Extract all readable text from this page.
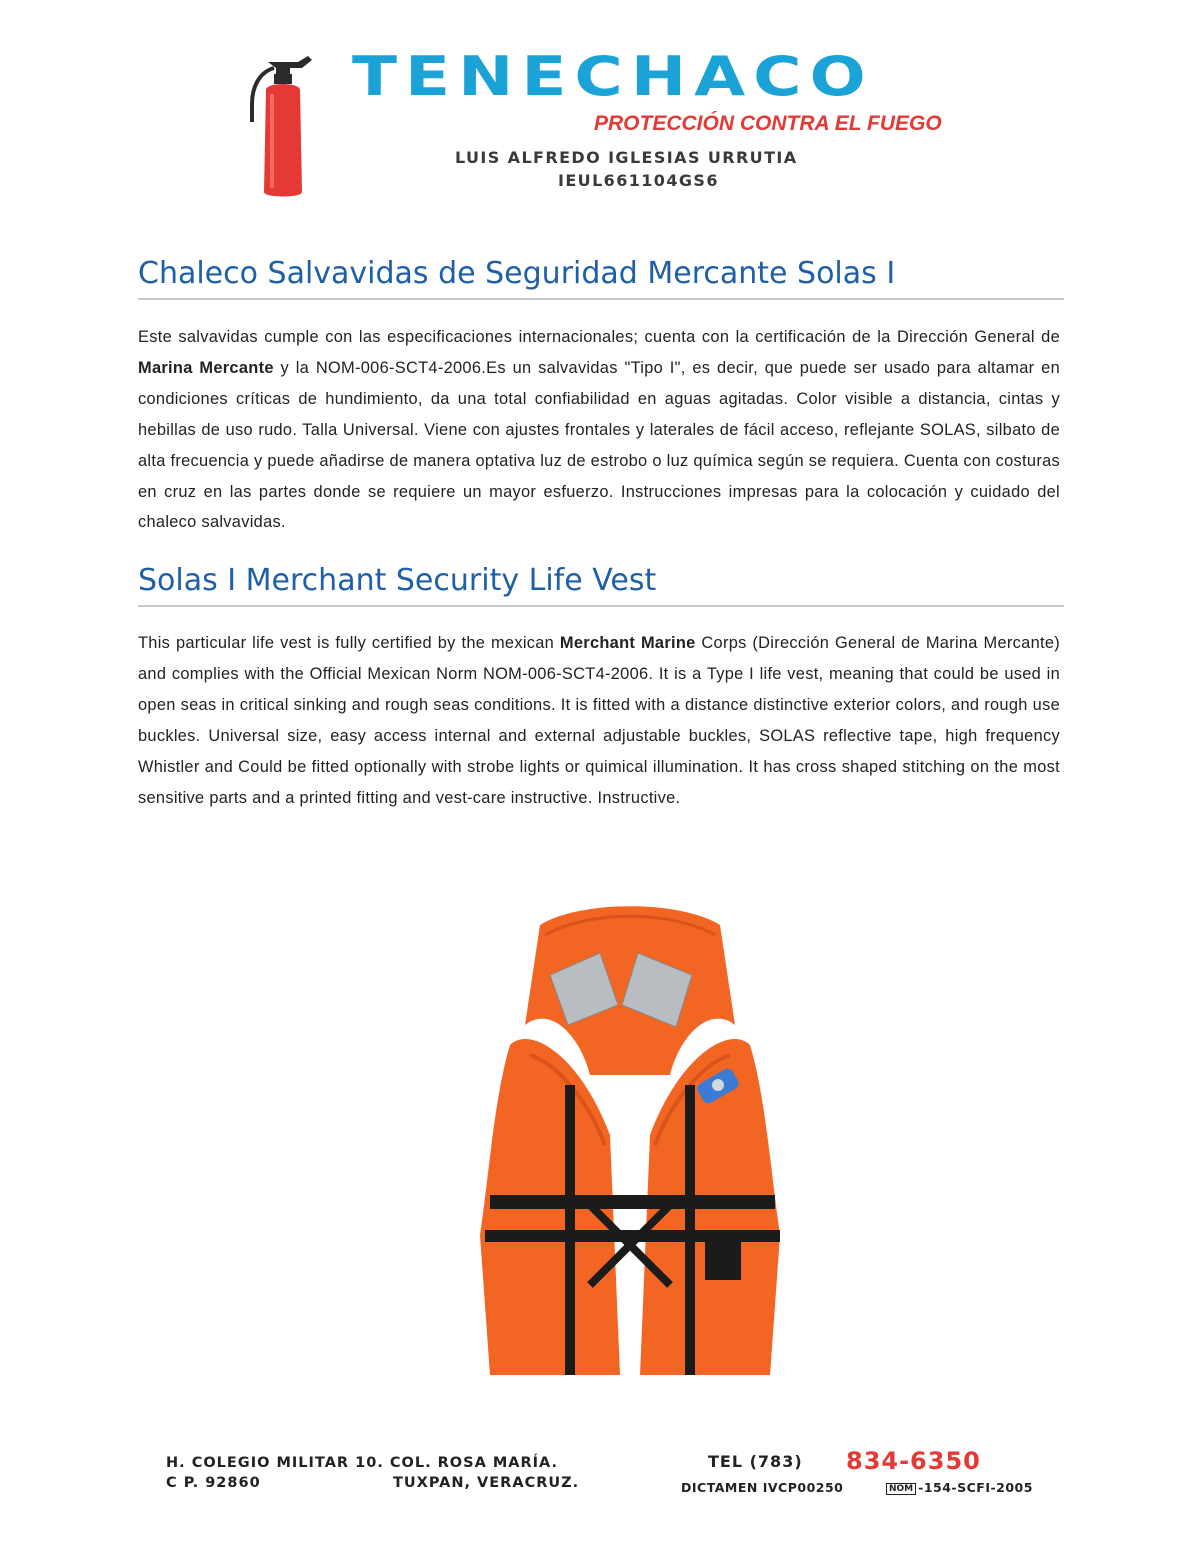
TENECHACO
PROTECCIÓN CONTRA EL FUEGO
LUIS ALFREDO IGLESIAS URRUTIA
IEUL661104GS6
Chaleco Salvavidas de Seguridad Mercante Solas I
Este salvavidas cumple con las especificaciones internacionales; cuenta con la certificación de la Dirección General de Marina Mercante y la NOM-006-SCT4-2006.Es un salvavidas "Tipo I", es decir, que puede ser usado para altamar en condiciones críticas de hundimiento, da una total confiabilidad en aguas agitadas. Color visible a distancia, cintas y hebillas de uso rudo. Talla Universal. Viene con ajustes frontales y laterales de fácil acceso, reflejante SOLAS, silbato de alta frecuencia y puede añadirse de manera optativa luz de estrobo o luz química según se requiera. Cuenta con costuras en cruz en las partes donde se requiere un mayor esfuerzo. Instrucciones impresas para la colocación y cuidado del chaleco salvavidas.
Solas I Merchant Security Life Vest
This particular life vest is fully certified by the mexican Merchant Marine Corps (Dirección General de Marina Mercante) and complies with the Official Mexican Norm NOM-006-SCT4-2006. It is a Type I life vest, meaning that could be used in open seas in critical sinking and rough seas conditions. It is fitted with a distance distinctive exterior colors, and rough use buckles. Universal size, easy access internal and external adjustable buckles, SOLAS reflective tape, high frequency Whistler and Could be fitted optionally with strobe lights or quimical illumination. It has cross shaped stitching on the most sensitive parts and a printed fitting and vest-care instructive. Instructive.
H. COLEGIO MILITAR 10. COL. ROSA MARÍA.
C P. 92860	TUXPAN, VERACRUZ.
TEL (783) 834-6350
DICTAMEN IVCP00250	NOM -154-SCFI-2005
